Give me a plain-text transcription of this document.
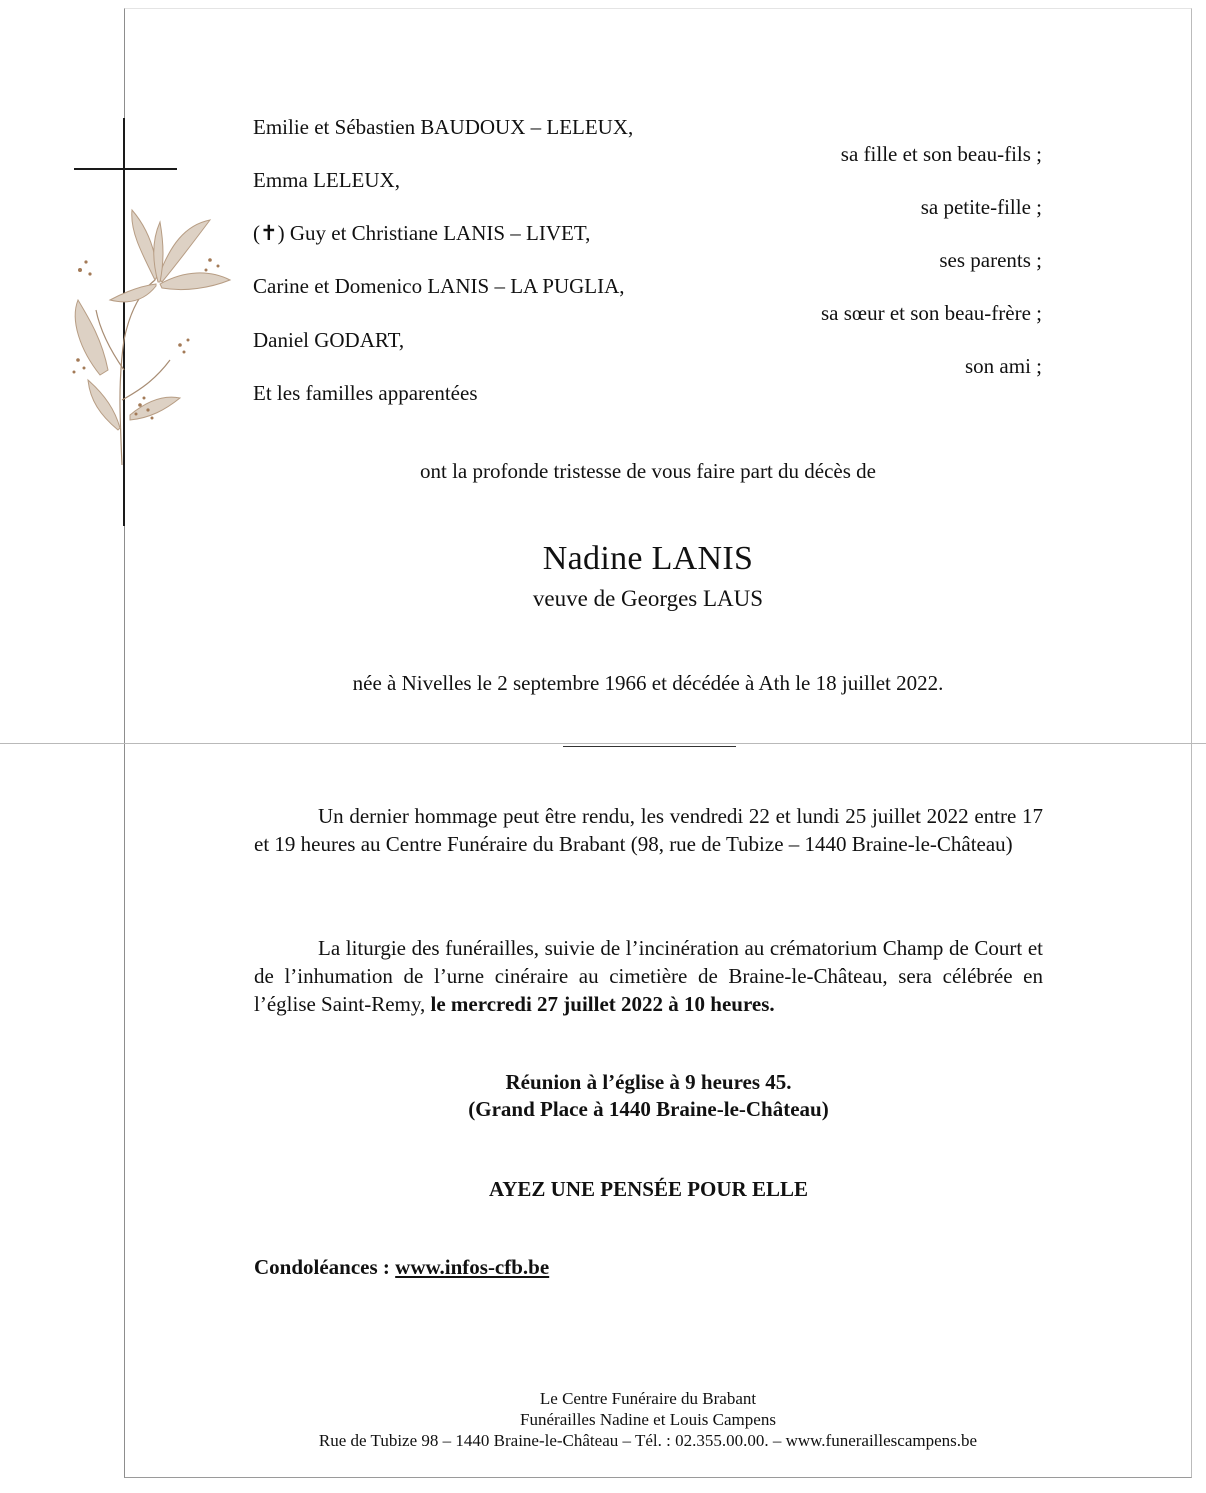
Emilie et Sébastien BAUDOUX – LELEUX,
sa fille et son beau-fils ;
Emma LELEUX,
sa petite-fille ;
(✝) Guy et Christiane LANIS – LIVET,
ses parents ;
Carine et Domenico LANIS – LA PUGLIA,
sa sœur et son beau-frère ;
Daniel GODART,
son ami ;
Et les familles apparentées
ont la profonde tristesse de vous faire part du décès de
Nadine LANIS
veuve de Georges LAUS
née à Nivelles le 2 septembre 1966 et décédée à Ath le 18 juillet 2022.
Un dernier hommage peut être rendu, les vendredi 22 et lundi 25 juillet 2022 entre 17 et 19 heures au Centre Funéraire du Brabant (98, rue de Tubize – 1440 Braine-le-Château)
La liturgie des funérailles, suivie de l’incinération au crématorium Champ de Court et de l’inhumation de l’urne cinéraire au cimetière de Braine-le-Château, sera célébrée en l’église Saint-Remy, le mercredi 27 juillet 2022 à 10 heures.
Réunion à l’église à 9 heures 45.
(Grand Place à 1440 Braine-le-Château)
AYEZ UNE PENSÉE POUR ELLE
Condoléances : www.infos-cfb.be
Le Centre Funéraire du Brabant
Funérailles Nadine et Louis Campens
Rue de Tubize 98 – 1440 Braine-le-Château – Tél. : 02.355.00.00. – www.funeraillescampens.be
